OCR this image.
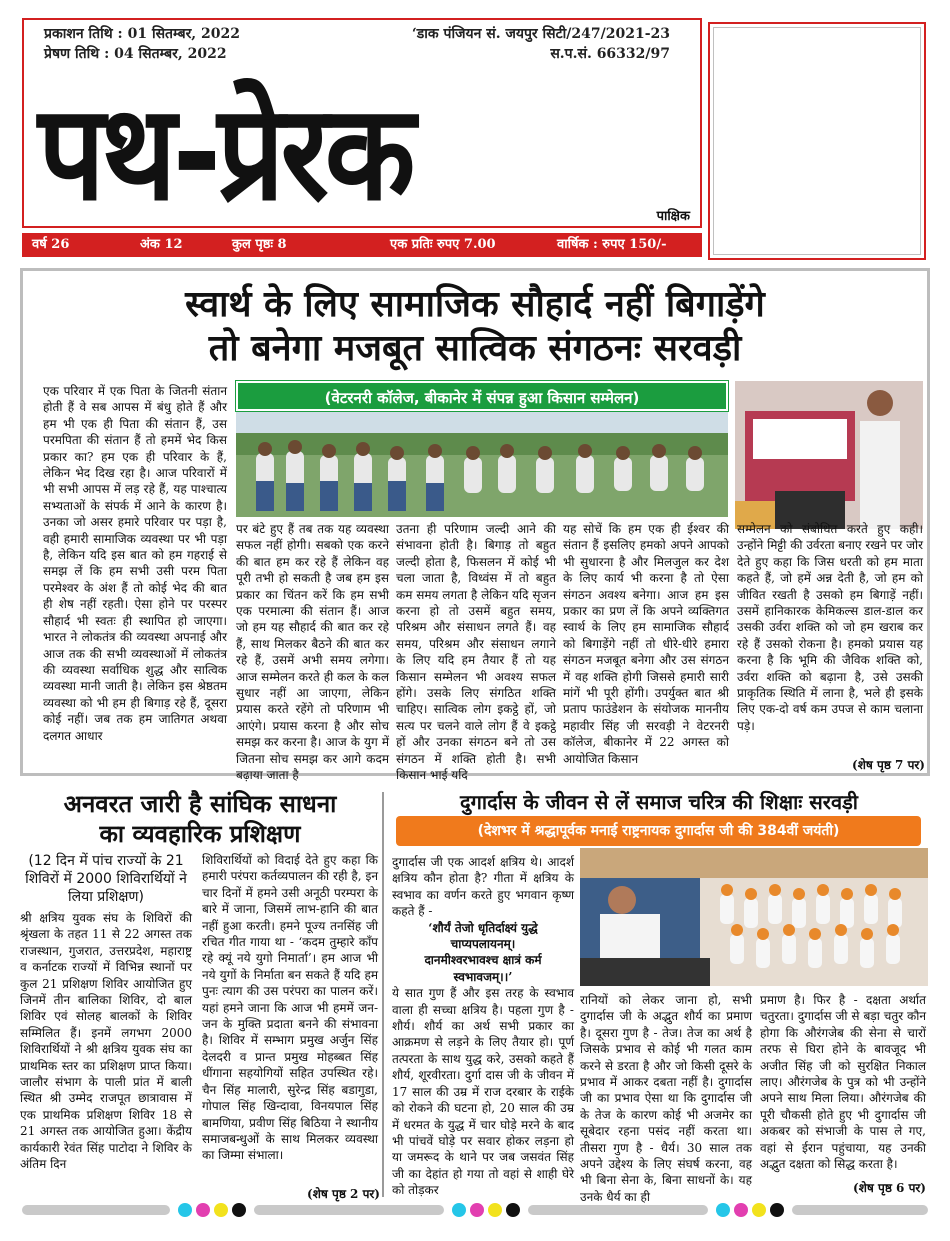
प्रकाशन तिथि : 01 सितम्बर, 2022
प्रेषण तिथि : 04 सितम्बर, 2022
‘डाक पंजियन सं. जयपुर सिटी/247/2021-23
स.प.सं. 66332/97
पथ-प्रेरक	पाक्षिक
वर्ष 26	अंक 12	कुल पृष्ठः 8	एक प्रतिः रुपए 7.00	वार्षिक : रुपए 150/-
स्वार्थ के लिए सामाजिक सौहार्द नहीं बिगाड़ेंगे
तो बनेगा मजबूत सात्विक संगठनः सरवड़ी
एक परिवार में एक पिता के जितनी संतान होती हैं वे सब आपस में बंधु होते हैं और हम भी एक ही पिता की संतान हैं, उस परमपिता की संतान हैं तो हममें भेद किस प्रकार का? हम एक ही परिवार के हैं, लेकिन भेद दिख रहा है। आज परिवारों में भी सभी आपस में लड़ रहे हैं, यह पाश्चात्य सभ्यताओं के संपर्क में आने के कारण है। उनका जो असर हमारे परिवार पर पड़ा है, वही हमारी सामाजिक व्यवस्था पर भी पड़ा है, लेकिन यदि इस बात को हम गहराई से समझ लें कि हम सभी उसी परम पिता परमेश्वर के अंश हैं तो कोई भेद की बात ही शेष नहीं रहती। ऐसा होने पर परस्पर सौहार्द भी स्वतः ही स्थापित हो जाएगा। भारत ने लोकतंत्र की व्यवस्था अपनाई और आज तक की सभी व्यवस्थाओं में लोकतंत्र की व्यवस्था सर्वाधिक शुद्ध और सात्विक व्यवस्था मानी जाती है। लेकिन इस श्रेष्ठतम व्यवस्था को भी हम ही बिगाड़ रहे हैं, दूसरा कोई नहीं। जब तक हम जातिगत अथवा दलगत आधार
(वेटरनरी कॉलेज, बीकानेर में संपन्न हुआ किसान सम्मेलन)
पर बंटे हुए हैं तब तक यह व्यवस्था सफल नहीं होगी। सबको एक करने की बात हम कर रहे हैं लेकिन वह पूरी तभी हो सकती है जब हम इस प्रकार का चिंतन करें कि हम सभी एक परमात्मा की संतान हैं। आज जो हम यह सौहार्द की बात कर रहे हैं, साथ मिलकर बैठने की बात कर रहे हैं, उसमें अभी समय लगेगा। आज सम्मेलन करते ही कल के कल सुधार नहीं आ जाएगा, लेकिन प्रयास करते रहेंगे तो परिणाम भी आएंगे। प्रयास करना है और सोच समझ कर करना है। आज के युग में जितना सोच समझ कर आगे कदम बढ़ाया जाता है
उतना ही परिणाम जल्दी आने की संभावना होती है। बिगाड़ तो बहुत जल्दी होता है, फिसलन में कोई भी चला जाता है, विध्वंस में तो बहुत कम समय लगता है लेकिन यदि सृजन करना हो तो उसमें बहुत समय, परिश्रम और संसाधन लगते हैं। वह समय, परिश्रम और संसाधन लगाने के लिए यदि हम तैयार हैं तो यह किसान सम्मेलन भी अवश्य सफल होंगे। उसके लिए संगठित शक्ति चाहिए। सात्विक लोग इकट्ठे हों, जो सत्य पर चलने वाले लोग हैं वे इकट्ठे हों और उनका संगठन बने तो उस संगठन में शक्ति होती है। सभी किसान भाई यदि
यह सोचें कि हम एक ही ईश्वर की संतान हैं इसलिए हमको अपने आपको भी सुधारना है और मिलजुल कर देश के लिए कार्य भी करना है तो ऐसा संगठन अवश्य बनेगा। आज हम इस प्रकार का प्रण लें कि अपने व्यक्तिगत स्वार्थ के लिए हम सामाजिक सौहार्द को बिगाड़ेंगे नहीं तो धीरे-धीरे हमारा संगठन मजबूत बनेगा और उस संगठन में वह शक्ति होगी जिससे हमारी सारी मांगें भी पूरी होंगी। उपर्युक्त बात श्री प्रताप फाउंडेशन के संयोजक माननीय महावीर सिंह जी सरवड़ी ने वेटरनरी कॉलेज, बीकानेर में 22 अगस्त को आयोजित किसान
सम्मेलन को संबोधित करते हुए कही। उन्होंने मिट्टी की उर्वरता बनाए रखने पर जोर देते हुए कहा कि जिस धरती को हम माता कहते हैं, जो हमें अन्न देती है, जो हम को जीवित रखती है उसको हम बिगाड़ें नहीं। उसमें हानिकारक केमिकल्स डाल-डाल कर उसकी उर्वरा शक्ति को जो हम खराब कर रहे हैं उसको रोकना है। हमको प्रयास यह करना है कि भूमि की जैविक शक्ति को, उर्वरा शक्ति को बढ़ाना है, उसे उसकी प्राकृतिक स्थिति में लाना है, भले ही इसके लिए एक-दो वर्ष कम उपज से काम चलाना पड़े।
(शेष पृष्ठ 7 पर)
अनवरत जारी है सांघिक साधना
का व्यवहारिक प्रशिक्षण
(12 दिन में पांच राज्यों के 21 शिविरों में 2000 शिविरार्थियों ने लिया प्रशिक्षण)
श्री क्षत्रिय युवक संघ के शिविरों की श्रृंखला के तहत 11 से 22 अगस्त तक राजस्थान, गुजरात, उत्तरप्रदेश, महाराष्ट्र व कर्नाटक राज्यों में विभिन्न स्थानों पर कुल 21 प्रशिक्षण शिविर आयोजित हुए जिनमें तीन बालिका शिविर, दो बाल शिविर एवं सोलह बालकों के शिविर सम्मिलित हैं। इनमें लगभग 2000 शिविरार्थियों ने श्री क्षत्रिय युवक संघ का प्राथमिक स्तर का प्रशिक्षण प्राप्त किया। जालौर संभाग के पाली प्रांत में बाली स्थित श्री उम्मेद राजपूत छात्रावास में एक प्राथमिक प्रशिक्षण शिविर 18 से 21 अगस्त तक आयोजित हुआ। केंद्रीय कार्यकारी रेवंत सिंह पाटोदा ने शिविर के अंतिम दिन
शिविरार्थियों को विदाई देते हुए कहा कि हमारी परंपरा कर्तव्यपालन की रही है, इन चार दिनों में हमने उसी अनूठी परम्परा के बारे में जाना, जिसमें लाभ-हानि की बात नहीं हुआ करती। हमने पूज्य तनसिंह जी रचित गीत गाया था - ‘कदम तुम्हारे काँप रहे क्यूं नये युगो निमार्ता’। हम आज भी नये युगों के निर्माता बन सकते हैं यदि हम पुनः त्याग की उस परंपरा का पालन करें। यहां हमने जाना कि आज भी हममें जन-जन के मुक्ति प्रदाता बनने की संभावना है। शिविर में सम्भाग प्रमुख अर्जुन सिंह देलदरी व प्रान्त प्रमुख मोहब्बत सिंह धींगाना सहयोगियों सहित उपस्थित रहे। चैन सिंह मालारी, सुरेन्द्र सिंह बडागुडा, गोपाल सिंह खिन्दावा, विनयपाल सिंह बामणिया, प्रवीण सिंह बिठिया ने स्थानीय समाजबन्धुओं के साथ मिलकर व्यवस्था का जिम्मा संभाला।
(शेष पृष्ठ 2 पर)
दुगार्दास के जीवन से लें समाज चरित्र की शिक्षाः सरवड़ी
(देशभर में श्रद्धापूर्वक मनाई राष्ट्रनायक दुगार्दास जी की 384वीं जयंती)
दुगार्दास जी एक आदर्श क्षत्रिय थे। आदर्श क्षत्रिय कौन होता है? गीता में क्षत्रिय के स्वभाव का वर्णन करते हुए भगवान कृष्ण कहते हैं -
‘शौर्यं तेजो धृतिर्दाक्ष्यं युद्धे
चाप्यपलायनम्।
दानमीश्वरभावश्च क्षात्रं कर्म
स्वभावजम्।।’
ये सात गुण हैं और इस तरह के स्वभाव वाला ही सच्चा क्षत्रिय है। पहला गुण है - शौर्य। शौर्य का अर्थ सभी प्रकार का आक्रमण से लड़ने के लिए तैयार हो। पूर्ण तत्परता के साथ युद्ध करे, उसको कहते हैं शौर्य, शूरवीरता। दुर्गा दास जी के जीवन में 17 साल की उम्र में राज दरबार के राईके को रोकने की घटना हो, 20 साल की उम्र में धरमत के युद्ध में चार घोड़े मरने के बाद भी पांचवें घोड़े पर सवार होकर लड़ना हो या जमरूद के थाने पर जब जसवंत सिंह जी का देहांत हो गया तो वहां से शाही घेरे को तोड़कर
रानियों को लेकर जाना हो, सभी दुगार्दास जी के अद्भुत शौर्य का प्रमाण है। दूसरा गुण है - तेज। तेज का अर्थ है जिसके प्रभाव से कोई भी गलत काम करने से डरता है और जो किसी दूसरे के प्रभाव में आकर दबता नहीं है। दुगार्दास जी का प्रभाव ऐसा था कि दुगार्दास जी के तेज के कारण कोई भी अजमेर का सूबेदार रहना पसंद नहीं करता था। तीसरा गुण है - धैर्य। 30 साल तक अपने उद्देश्य के लिए संघर्ष करना, वह भी बिना सेना के, बिना साधनों के। यह उनके धैर्य का ही
प्रमाण है। फिर है - दक्षता अर्थात चतुरता। दुगार्दास जी से बड़ा चतुर कौन होगा कि औरंगजेब की सेना से चारों तरफ से घिरा होने के बावजूद भी अजीत सिंह जी को सुरक्षित निकाल लाए। औरंगजेब के पुत्र को भी उन्होंने अपने साथ मिला लिया। औरंगजेब की पूरी चौकसी होते हुए भी दुगार्दास जी अकबर को संभाजी के पास ले गए, वहां से ईरान पहुंचाया, यह उनकी अद्भुत दक्षता को सिद्ध करता है।
(शेष पृष्ठ 6 पर)
